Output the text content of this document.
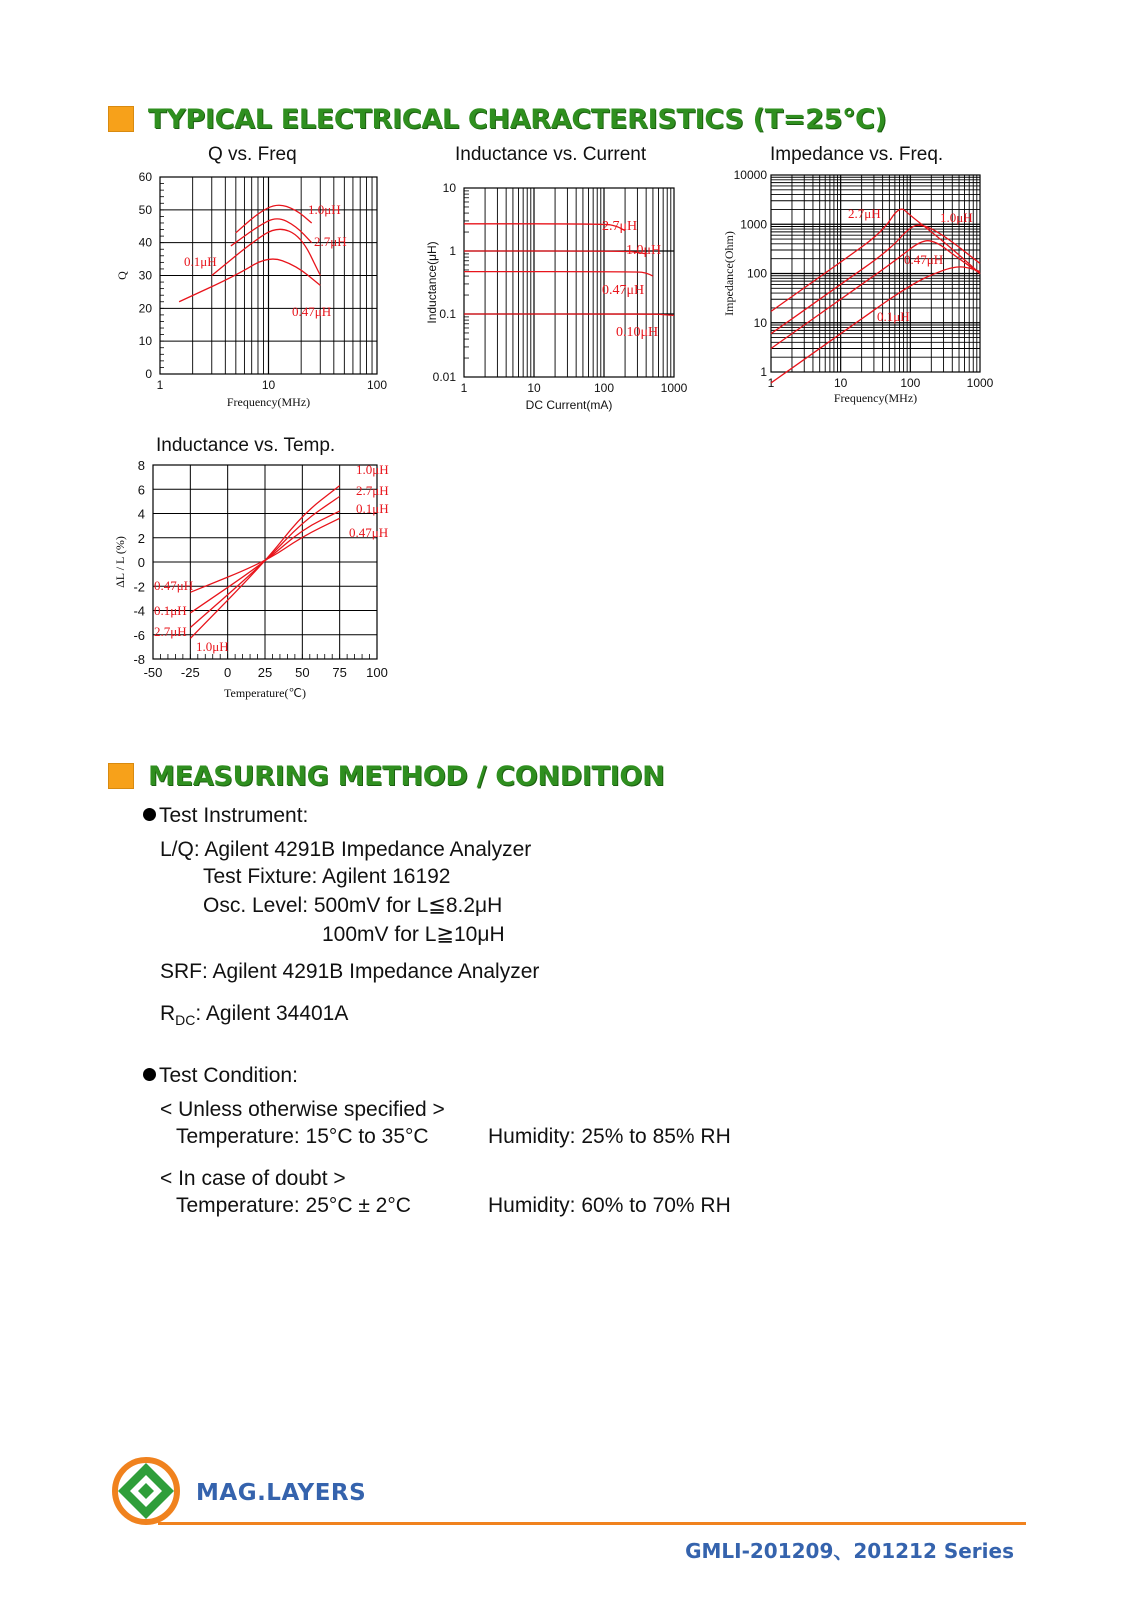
TYPICAL ELECTRICAL CHARACTERISTICS (T=25℃)
Q vs. Freq	Inductance vs. Current	Impedance vs. Freq.
Inductance vs. Temp.
0
10
20
30
40
50
60
1	10	100
Frequency(MHz)
Q
1.0μH
2.7μH
0.1μH
0.47μH
0.01
0.1
1
10
1	10	100	1000
DC Current(mA)
Inductance(μH)
2.7μH
1.0μH
0.47μH
0.10μH
1
10
100
1000
10000
1	10	100	1000
Frequency(MHz)
Impedance(Ohm)
2.7μH	1.0μH
0.47μH
0.1μH
8
6
4
2
0
-2
-4
-6
-8
-50 -25 0 25 50 75 100
Temperature(℃)
ΔL / L (%)
1.0μH
2.7μH
0.1μH
0.47μH
0.47μH
0.1μH
2.7μH
1.0μH
MEASURING METHOD / CONDITION
Test Instrument:
L/Q: Agilent 4291B Impedance Analyzer
Test Fixture: Agilent 16192
Osc. Level: 500mV for L≦8.2μH
100mV for L≧10μH
SRF: Agilent 4291B Impedance Analyzer
$R_{DC}$: Agilent 34401A
Test Condition:
< Unless otherwise specified >
Temperature: 15°C to 35°C	Humidity: 25% to 85% RH
< In case of doubt >
Temperature: 25°C ± 2°C	Humidity: 60% to 70% RH
MAG.LAYERS
GMLI-201209、201212 Series
